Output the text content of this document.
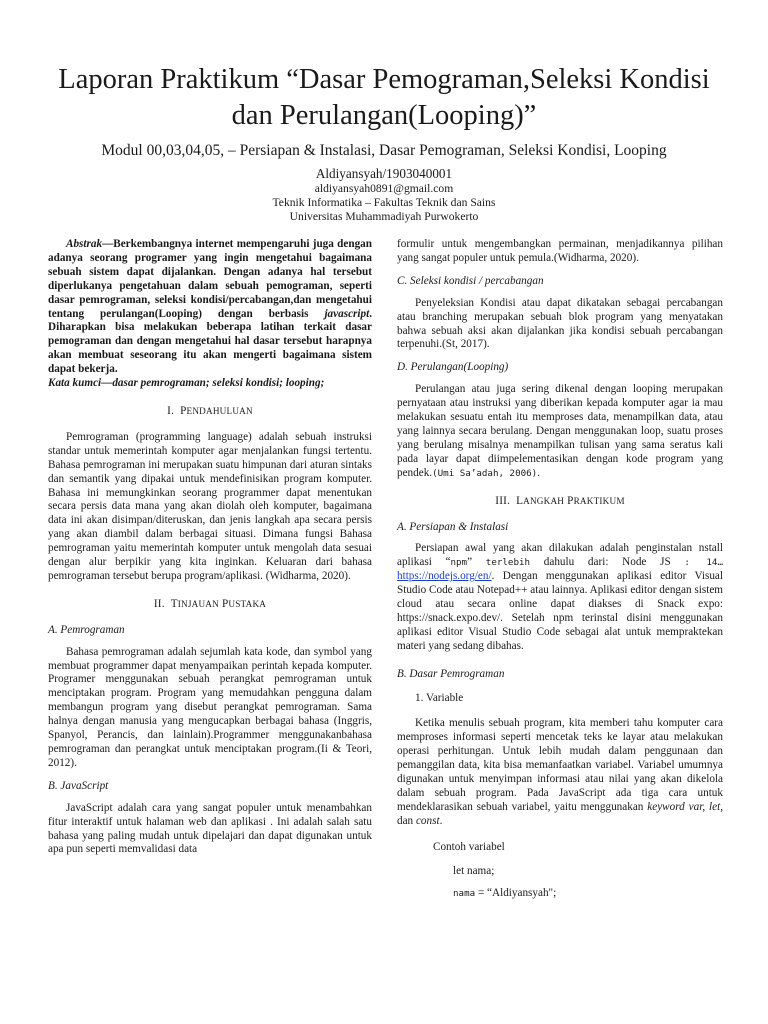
Laporan Praktikum “Dasar Pemograman,Seleksi Kondisi dan Perulangan(Looping)”
Modul 00,03,04,05, – Persiapan & Instalasi, Dasar Pemograman, Seleksi Kondisi, Looping
Aldiyansyah/1903040001
aldiyansyah0891@gmail.com
Teknik Informatika – Fakultas Teknik dan Sains
Universitas Muhammadiyah Purwokerto

Abstrak—Berkembangnya internet mempengaruhi juga dengan adanya seorang programer yang ingin mengetahui bagaimana sebuah sistem dapat dijalankan. Dengan adanya hal tersebut diperlukanya pengetahuan dalam sebuah pemograman, seperti dasar pemrograman, seleksi kondisi/percabangan,dan mengetahui tentang perulangan(Looping) dengan berbasis javascript. Diharapkan bisa melakukan beberapa latihan terkait dasar pemograman dan dengan mengetahui hal dasar tersebut harapnya akan membuat seseorang itu akan mengerti bagaimana sistem dapat bekerja.

Kata kumci—dasar pemrograman; seleksi kondisi; looping;

I. PENDAHULUAN

Pemrograman (programming language) adalah sebuah instruksi standar untuk memerintah komputer agar menjalankan fungsi tertentu. Bahasa pemrograman ini merupakan suatu himpunan dari aturan sintaks dan semantik yang dipakai untuk mendefinisikan program komputer. Bahasa ini memungkinkan seorang programmer dapat menentukan secara persis data mana yang akan diolah oleh komputer, bagaimana data ini akan disimpan/diteruskan, dan jenis langkah apa secara persis yang akan diambil dalam berbagai situasi. Dimana fungsi Bahasa pemrograman yaitu memerintah komputer untuk mengolah data sesuai dengan alur berpikir yang kita inginkan. Keluaran dari bahasa pemrograman tersebut berupa program/aplikasi. (Widharma, 2020).

II. TINJAUAN PUSTAKA

A. Pemrograman

Bahasa pemrograman adalah sejumlah kata kode, dan symbol yang membuat programmer dapat menyampaikan perintah kepada komputer. Programer menggunakan sebuah perangkat pemrograman untuk menciptakan program. Program yang memudahkan pengguna dalam membangun program yang disebut perangkat pemrograman. Sama halnya dengan manusia yang mengucapkan berbagai bahasa (Inggris, Spanyol, Perancis, dan lainlain).Programmer menggunakanbahasa pemrograman dan perangkat untuk menciptakan program.(Ii & Teori, 2012).

B. JavaScript

JavaScript adalah cara yang sangat populer untuk menambahkan fitur interaktif untuk halaman web dan aplikasi . Ini adalah salah satu bahasa yang paling mudah untuk dipelajari dan dapat digunakan untuk apa pun seperti memvalidasi data

formulir untuk mengembangkan permainan, menjadikannya pilihan yang sangat populer untuk pemula.(Widharma, 2020).

C. Seleksi kondisi / percabangan

Penyeleksian Kondisi atau dapat dikatakan sebagai percabangan atau branching merupakan sebuah blok program yang menyatakan bahwa sebuah aksi akan dijalankan jika kondisi sebuah percabangan terpenuhi.(St, 2017).

D. Perulangan(Looping)

Perulangan atau juga sering dikenal dengan looping merupakan pernyataan atau instruksi yang diberikan kepada komputer agar ia mau melakukan sesuatu entah itu memproses data, menampilkan data, atau yang lainnya secara berulang. Dengan menggunakan loop, suatu proses yang berulang misalnya menampilkan tulisan yang sama seratus kali pada layar dapat diimpelementasikan dengan kode program yang pendek.(Umi Sa’adah, 2006).

III. LANGKAH PRAKTIKUM

A. Persiapan & Instalasi

Persiapan awal yang akan dilakukan adalah penginstalan nstall aplikasi “npm” terlebih dahulu dari: Node JS : 14… https://nodejs.org/en/. Dengan menggunakan aplikasi editor Visual Studio Code atau Notepad++ atau lainnya. Aplikasi editor dengan sistem cloud atau secara online dapat diakses di Snack expo: https://snack.expo.dev/. Setelah npm terinstal disini menggunakan aplikasi editor Visual Studio Code sebagai alat untuk mempraktekan materi yang sedang dibahas.

B. Dasar Pemrograman

1. Variable

Ketika menulis sebuah program, kita memberi tahu komputer cara memproses informasi seperti mencetak teks ke layar atau melakukan operasi perhitungan. Untuk lebih mudah dalam penggunaan dan pemanggilan data, kita bisa memanfaatkan variabel. Variabel umumnya digunakan untuk menyimpan informasi atau nilai yang akan dikelola dalam sebuah program. Pada JavaScript ada tiga cara untuk mendeklarasikan sebuah variabel, yaitu menggunakan keyword var, let, dan const.

Contoh variabel

let nama;

nama = “Aldiyansyah";
